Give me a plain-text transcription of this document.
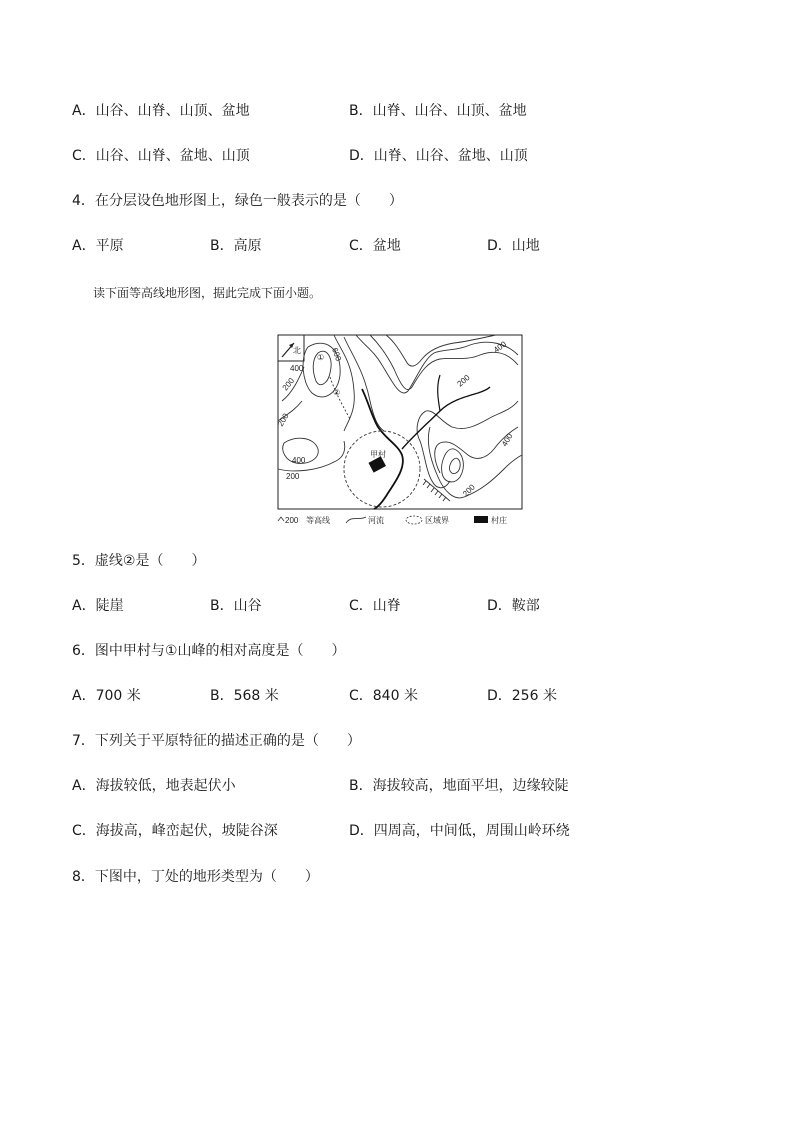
A．山谷、山脊、山顶、盆地	B．山脊、山谷、山顶、盆地
C．山谷、山脊、盆地、山顶	D．山脊、山谷、盆地、山顶
4．在分层设色地形图上，绿色一般表示的是（　　）
A．平原	B．高原	C．盆地	D．山地
读下面等高线地形图，据此完成下面小题。
北
①
②
甲村
600
400
200
200
400
400
200
400
200
200
200 等高线	河流	区域界	村庄
5．虚线②是（　　）
A．陡崖	B．山谷	C．山脊	D．鞍部
6．图中甲村与①山峰的相对高度是（　　）
A．700 米	B．568 米	C．840 米	D．256 米
7．下列关于平原特征的描述正确的是（　　）
A．海拔较低，地表起伏小	B．海拔较高，地面平坦，边缘较陡
C．海拔高，峰峦起伏，坡陡谷深	D．四周高，中间低，周围山岭环绕
8．下图中，丁处的地形类型为（　　）
